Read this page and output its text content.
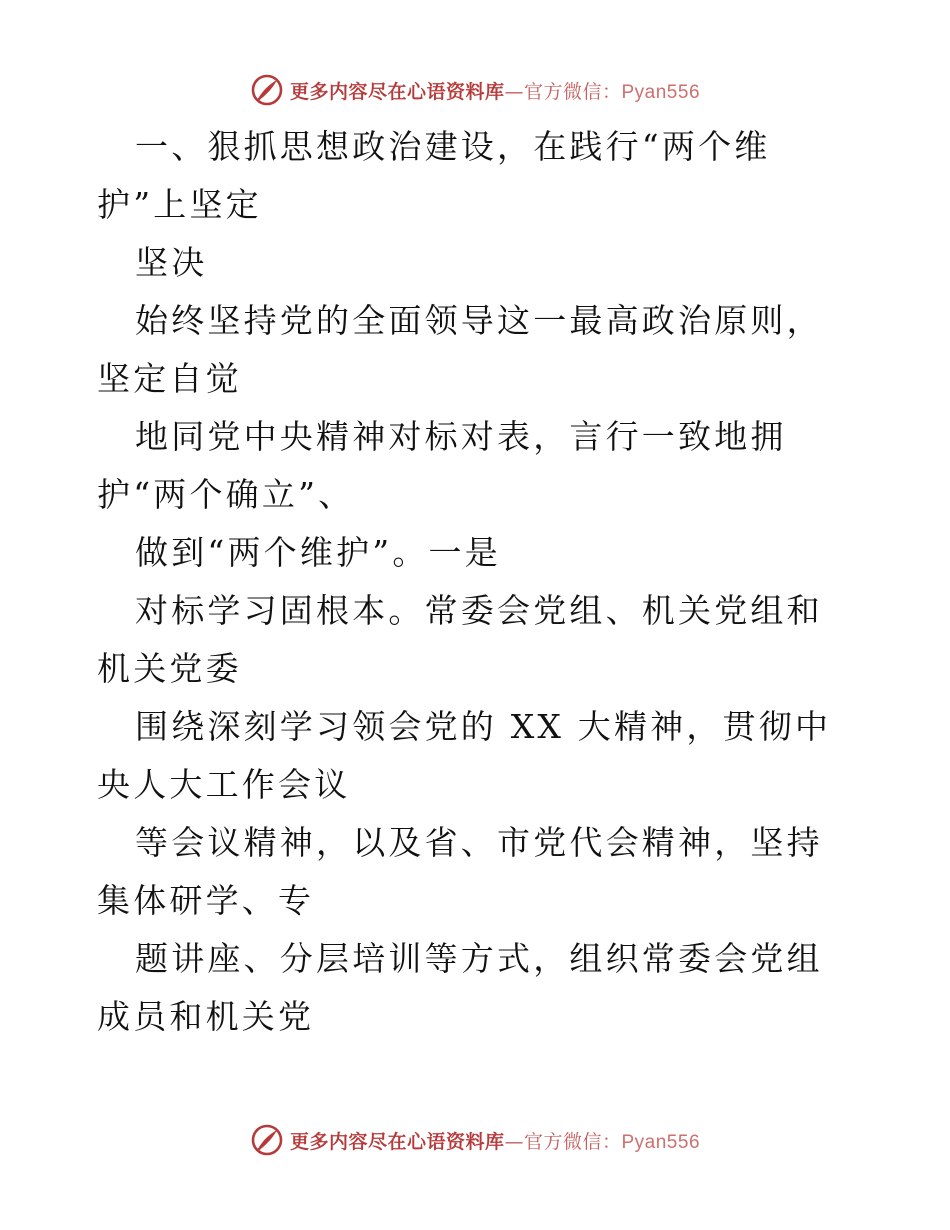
更多内容尽在心语资料库—官方微信：Pyan556

一、狠抓思想政治建设，在践行“两个维护”上坚定

坚决

始终坚持党的全面领导这一最高政治原则，坚定自觉

地同党中央精神对标对表，言行一致地拥护“两个确立”、

做到“两个维护”。一是

对标学习固根本。常委会党组、机关党组和机关党委

围绕深刻学习领会党的 XX 大精神，贯彻中央人大工作会议

等会议精神，以及省、市党代会精神，坚持集体研学、专

题讲座、分层培训等方式，组织常委会党组成员和机关党

更多内容尽在心语资料库—官方微信：Pyan556
